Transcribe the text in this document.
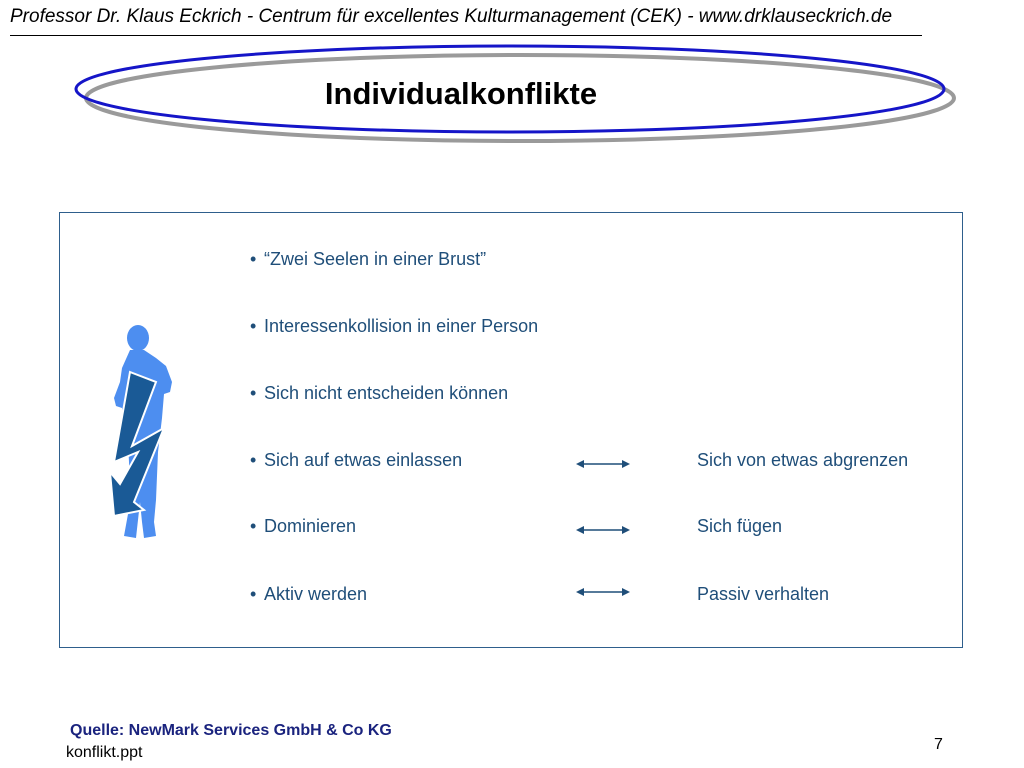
Professor Dr. Klaus Eckrich - Centrum für excellentes Kulturmanagement (CEK) - www.drklauseckrich.de
Individualkonflikte
• “Zwei Seelen in einer Brust”
• Interessenkollision in einer Person
• Sich nicht entscheiden können
• Sich auf etwas einlassen
• Dominieren
• Aktiv werden
Sich von etwas abgrenzen
Sich fügen
Passiv verhalten
Quelle: NewMark Services GmbH & Co KG
konflikt.ppt	7
